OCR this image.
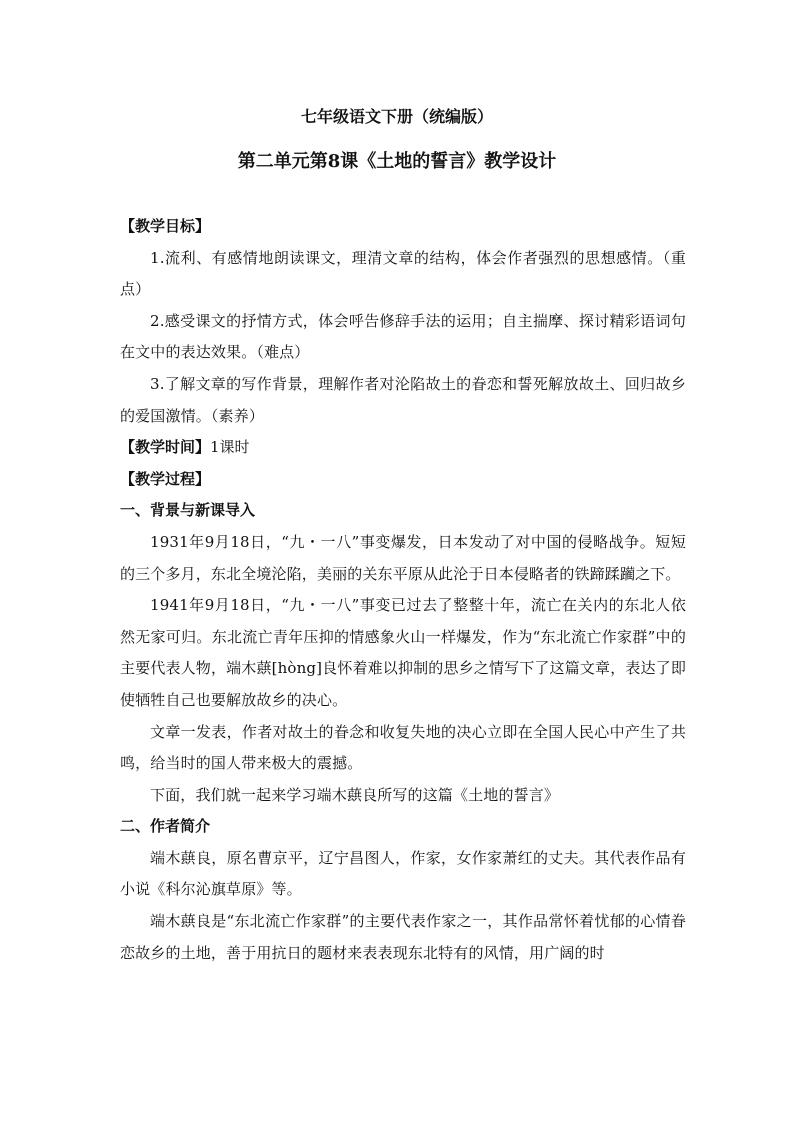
七年级语文下册（统编版）
第二单元第8课《土地的誓言》教学设计

【教学目标】

1.流利、有感情地朗读课文，理清文章的结构，体会作者强烈的思想感情。（重点）

2.感受课文的抒情方式，体会呼告修辞手法的运用；自主揣摩、探讨精彩语词句在文中的表达效果。（难点）

3.了解文章的写作背景，理解作者对沦陷故土的眷恋和誓死解放故土、回归故乡的爱国激情。（素养）

【教学时间】1课时

【教学过程】

一、背景与新课导入

1931年9月18日，“九・一八”事变爆发，日本发动了对中国的侵略战争。短短的三个多月，东北全境沦陷，美丽的关东平原从此沦于日本侵略者的铁蹄蹂躏之下。

1941年9月18日，“九・一八”事变已过去了整整十年，流亡在关内的东北人依然无家可归。东北流亡青年压抑的情感象火山一样爆发，作为“东北流亡作家群”中的主要代表人物，端木蕻[hòng]良怀着难以抑制的思乡之情写下了这篇文章，表达了即使牺牲自己也要解放故乡的决心。

文章一发表，作者对故土的眷念和收复失地的决心立即在全国人民心中产生了共鸣，给当时的国人带来极大的震撼。

下面，我们就一起来学习端木蕻良所写的这篇《土地的誓言》

二、作者简介

端木蕻良，原名曹京平，辽宁昌图人，作家，女作家萧红的丈夫。其代表作品有小说《科尔沁旗草原》等。

端木蕻良是“东北流亡作家群”的主要代表作家之一，其作品常怀着忧郁的心情眷恋故乡的土地，善于用抗日的题材来表表现东北特有的风情，用广阔的时
